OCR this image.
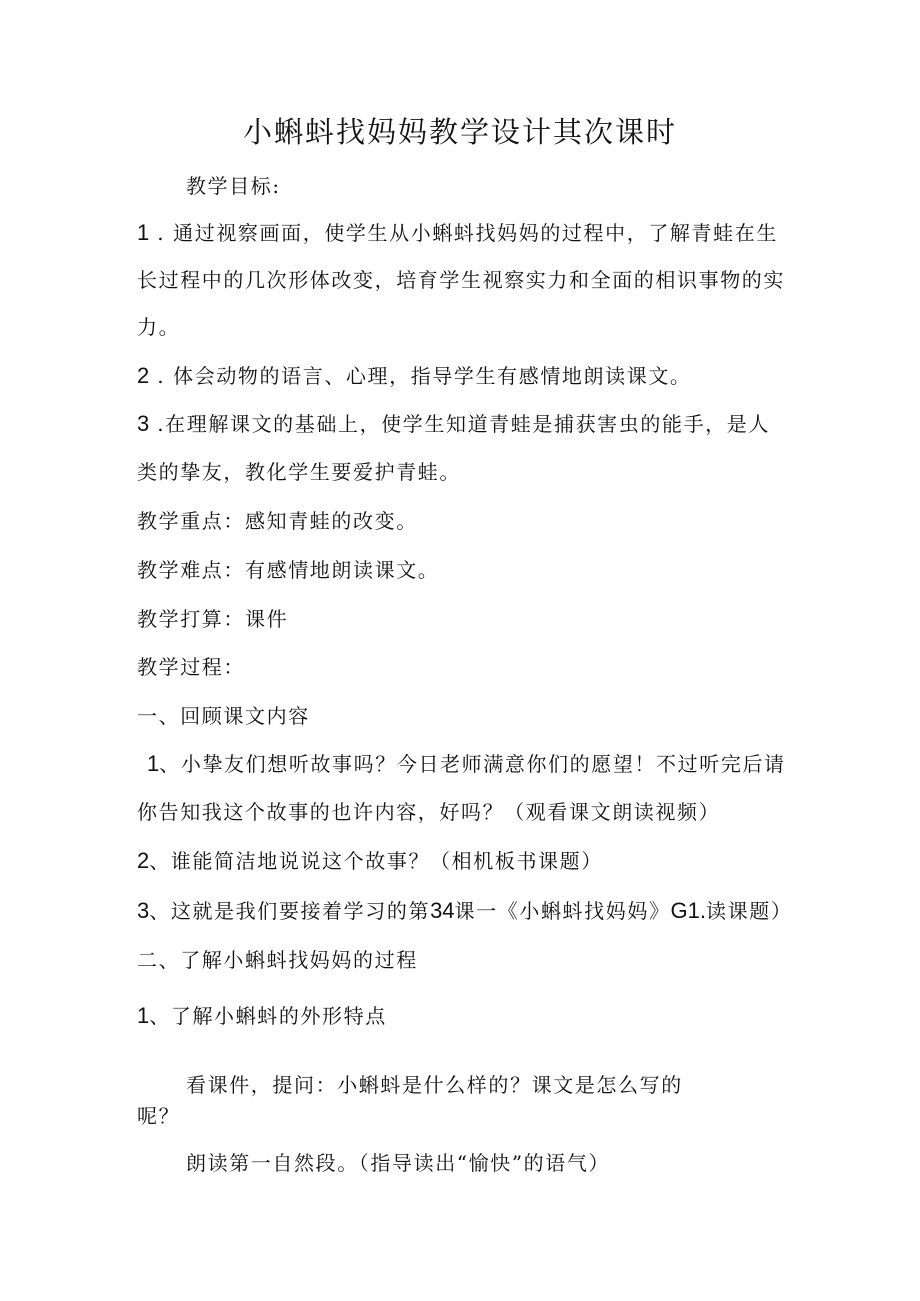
小蝌蚪找妈妈教学设计其次课时
教学目标:
1 . 通过视察画面，使学生从小蝌蚪找妈妈的过程中，了解青蛙在生
长过程中的几次形体改变，培育学生视察实力和全面的相识事物的实
力。
2 . 体会动物的语言、心理，指导学生有感情地朗读课文。
3 .在理解课文的基础上，使学生知道青蛙是捕获害虫的能手，是人
类的挚友，教化学生要爱护青蛙。
教学重点：感知青蛙的改变。
教学难点：有感情地朗读课文。
教学打算：课件
教学过程：
一、回顾课文内容
1、小挚友们想听故事吗？今日老师满意你们的愿望！不过听完后请
你告知我这个故事的也许内容，好吗？（观看课文朗读视频）
2、谁能简洁地说说这个故事？（相机板书课题）
3、这就是我们要接着学习的第34课一《小蝌蚪找妈妈》G1.读课题）
二、了解小蝌蚪找妈妈的过程
1、了解小蝌蚪的外形特点
看课件，提问：小蝌蚪是什么样的？课文是怎么写的
呢？
朗读第一自然段。（指导读出“愉快”的语气）
